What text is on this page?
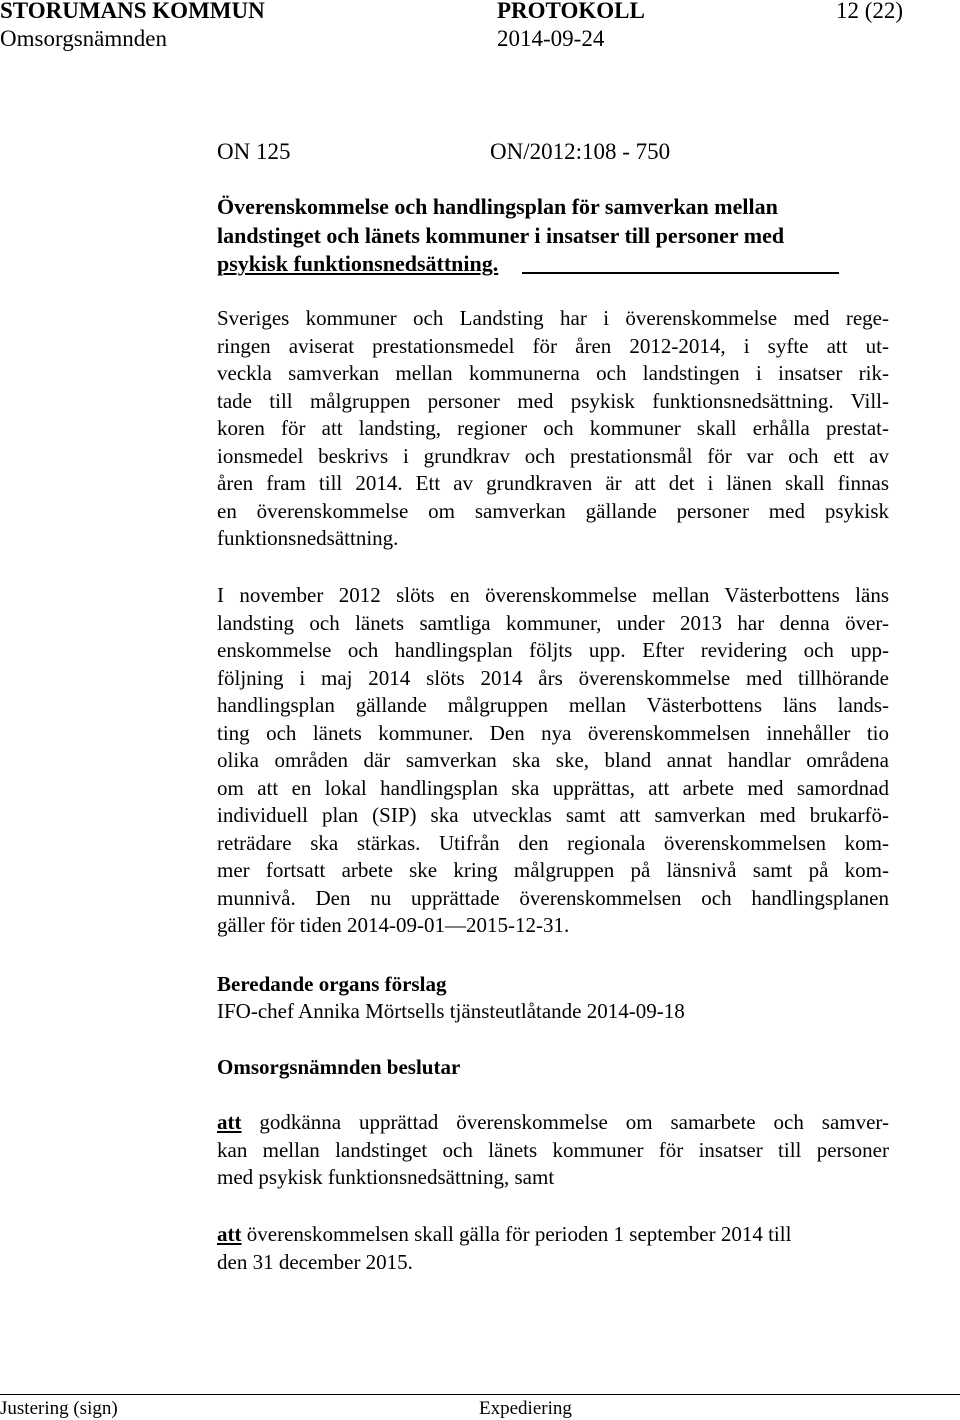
STORUMANS KOMMUN	PROTOKOLL	12 (22)
Omsorgsnämnden	2014-09-24
ON 125	ON/2012:108 - 750
Överenskommelse och handlingsplan för samverkan mellan
landstinget och länets kommuner i insatser till personer med
psykisk funktionsnedsättning.
Sveriges kommuner och Landsting har i överenskommelse med rege-
ringen aviserat prestationsmedel för åren 2012-2014, i syfte att ut-
veckla samverkan mellan kommunerna och landstingen i insatser rik-
tade till målgruppen personer med psykisk funktionsnedsättning. Vill-
koren för att landsting, regioner och kommuner skall erhålla prestat-
ionsmedel beskrivs i grundkrav och prestationsmål för var och ett av
åren fram till 2014. Ett av grundkraven är att det i länen skall finnas
en överenskommelse om samverkan gällande personer med psykisk
funktionsnedsättning.
I november 2012 slöts en överenskommelse mellan Västerbottens läns
landsting och länets samtliga kommuner, under 2013 har denna över-
enskommelse och handlingsplan följts upp. Efter revidering och upp-
följning i maj 2014 slöts 2014 års överenskommelse med tillhörande
handlingsplan gällande målgruppen mellan Västerbottens läns lands-
ting och länets kommuner. Den nya överenskommelsen innehåller tio
olika områden där samverkan ska ske, bland annat handlar områdena
om att en lokal handlingsplan ska upprättas, att arbete med samordnad
individuell plan (SIP) ska utvecklas samt att samverkan med brukarfö-
reträdare ska stärkas. Utifrån den regionala överenskommelsen kom-
mer fortsatt arbete ske kring målgruppen på länsnivå samt på kom-
munnivå. Den nu upprättade överenskommelsen och handlingsplanen
gäller för tiden 2014-09-01—2015-12-31.
Beredande organs förslag
IFO-chef Annika Mörtsells tjänsteutlåtande 2014-09-18
Omsorgsnämnden beslutar
att godkänna upprättad överenskommelse om samarbete och samver-
kan mellan landstinget och länets kommuner för insatser till personer
med psykisk funktionsnedsättning, samt
att överenskommelsen skall gälla för perioden 1 september 2014 till
den 31 december 2015.
Justering (sign)	Expediering
